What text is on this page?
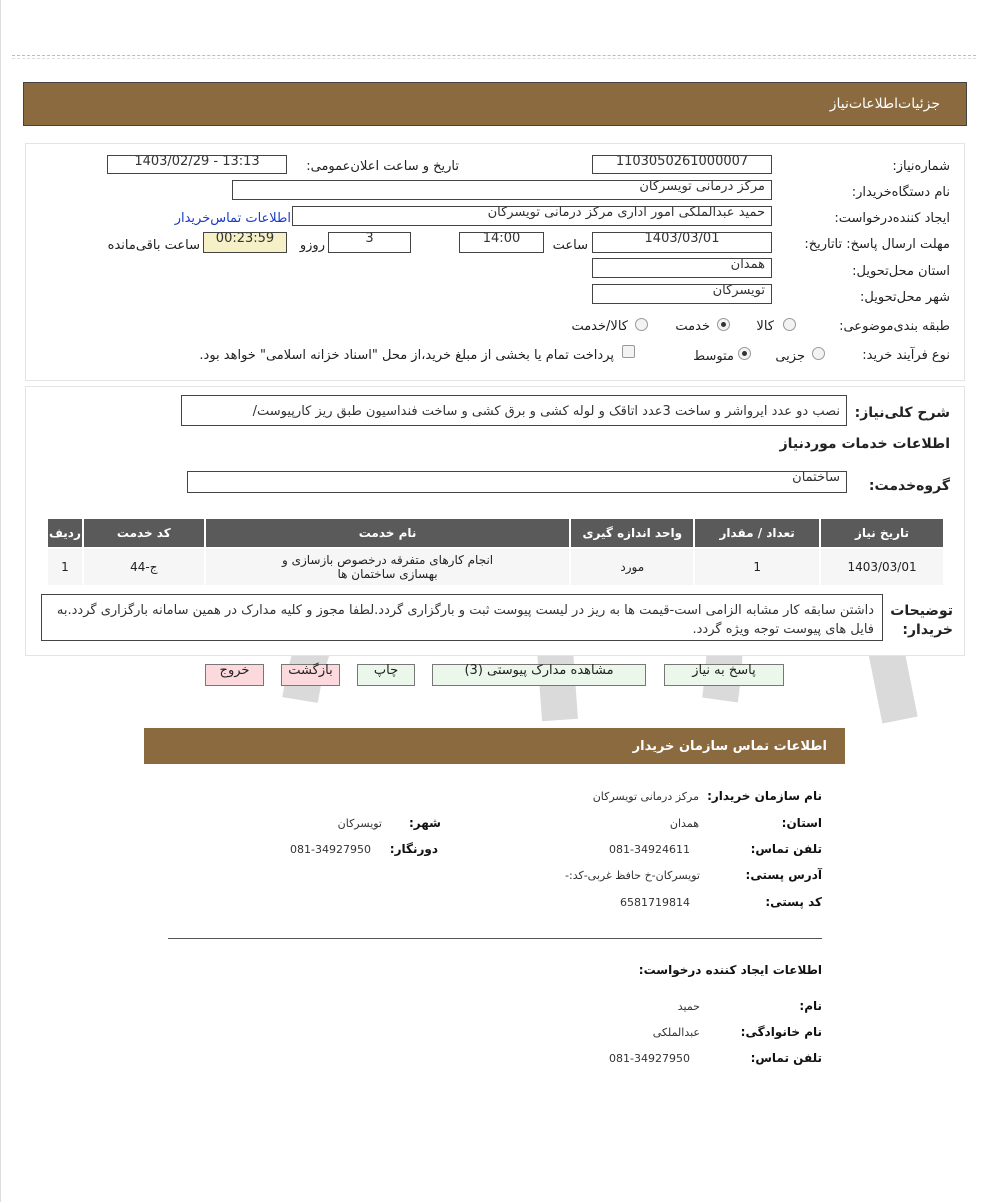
جزئیات‌اطلاعات‌نیاز
شماره‌نیاز:
1103050261000007
تاریخ و ساعت اعلان‌عمومی:
1403/02/29 - 13:13
نام دستگاه‌خریدار:
مرکز درمانی تویسرکان
ایجاد کننده‌درخواست:
حمید عبدالملکی امور اداری مرکز درمانی تویسرکان
اطلاعات تماس‌خریدار
مهلت ارسال پاسخ: تاتاریخ:
1403/03/01
ساعت
14:00
3
روزو
00:23:59
ساعت باقی‌مانده
استان محل‌تحویل:
همدان
شهر محل‌تحویل:
تویسرکان
طبقه بندی‌موضوعی:
کالا
خدمت
کالا/خدمت
نوع فرآیند خرید:
جزیی
متوسط
پرداخت تمام یا بخشی از مبلغ خرید،از محل "اسناد خزانه اسلامی" خواهد بود.
شرح کلی‌نیاز:
نصب دو عدد ایرواشر و ساخت 3عدد اتاقک و لوله کشی و برق کشی و ساخت فنداسیون طبق ریز کارپیوست/
اطلاعات خدمات مورد‌نیاز
گروه‌خدمت:
ساختمان
ردیف	کد خدمت	نام خدمت	واحد اندازه گیری	تعداد / مقدار	تاریخ نیاز
1	ج-44	انجام کارهای متفرقه درخصوص بازسازی و بهسازی ساختمان ها	مورد	1	1403/03/01
توضیحات خریدار:
داشتن سابقه کار مشابه الزامی است-قیمت ها به ریز در لیست پیوست ثبت و بارگزاری گردد.لطفا مجوز و کلیه مدارک در همین سامانه بارگزاری گردد.به فایل های پیوست توجه ویژه گردد.
پاسخ به نیاز
مشاهده مدارک پیوستی (3)
چاپ
بازگشت
خروج
اطلاعات تماس سازمان خریدار
نام سازمان خریدار:
مرکز درمانی تویسرکان
استان:
همدان
شهر:
تویسرکان
تلفن تماس:
081-34924611
دورنگار:
081-34927950
آدرس پستی:
تویسرکان-خ حافظ غربی-کد:-
کد پستی:
6581719814
اطلاعات ایجاد کننده درخواست:
نام:
حمید
نام خانوادگی:
عبدالملکی
تلفن تماس:
081-34927950
